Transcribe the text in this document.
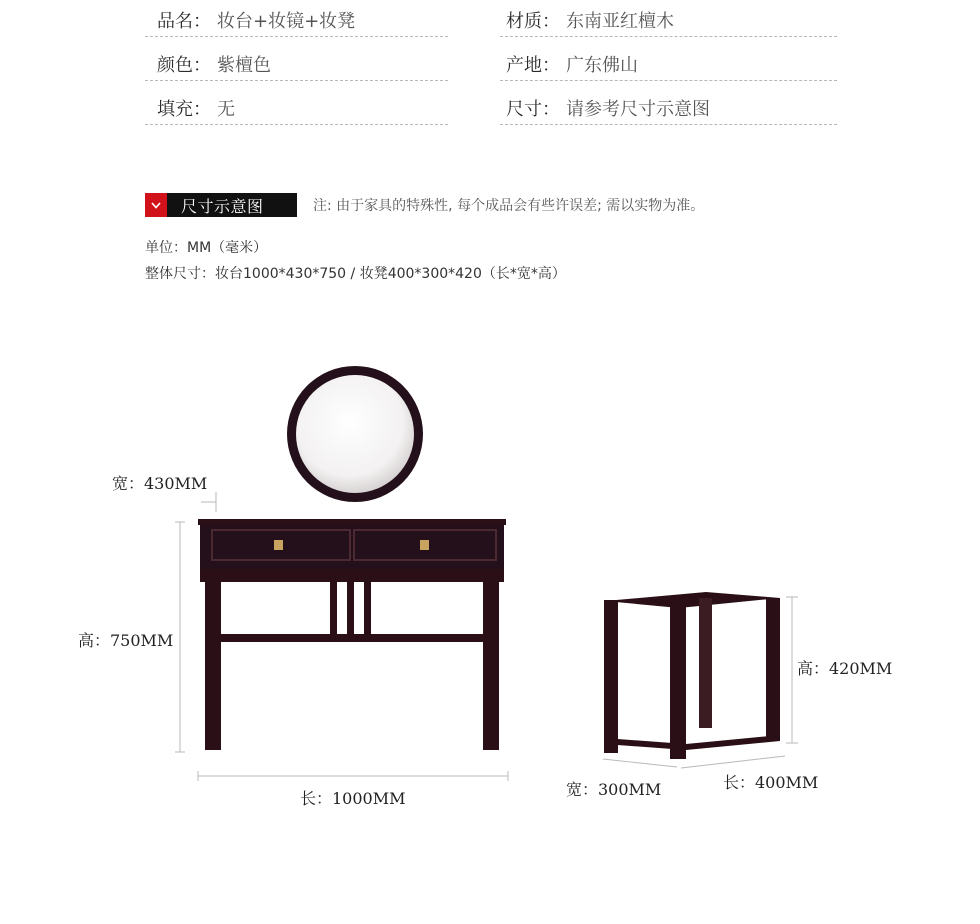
品名： 妆台+妆镜+妆凳	材质： 东南亚红檀木
颜色： 紫檀色	产地： 广东佛山
填充： 无	尺寸： 请参考尺寸示意图
尺寸示意图	注: 由于家具的特殊性, 每个成品会有些许误差; 需以实物为准。
单位：MM（毫米）
整体尺寸：妆台1000*430*750 / 妆凳400*300*420（长*宽*高）
宽：430MM
高：750MM
长：1000MM
高：420MM
宽：300MM	长：400MM
